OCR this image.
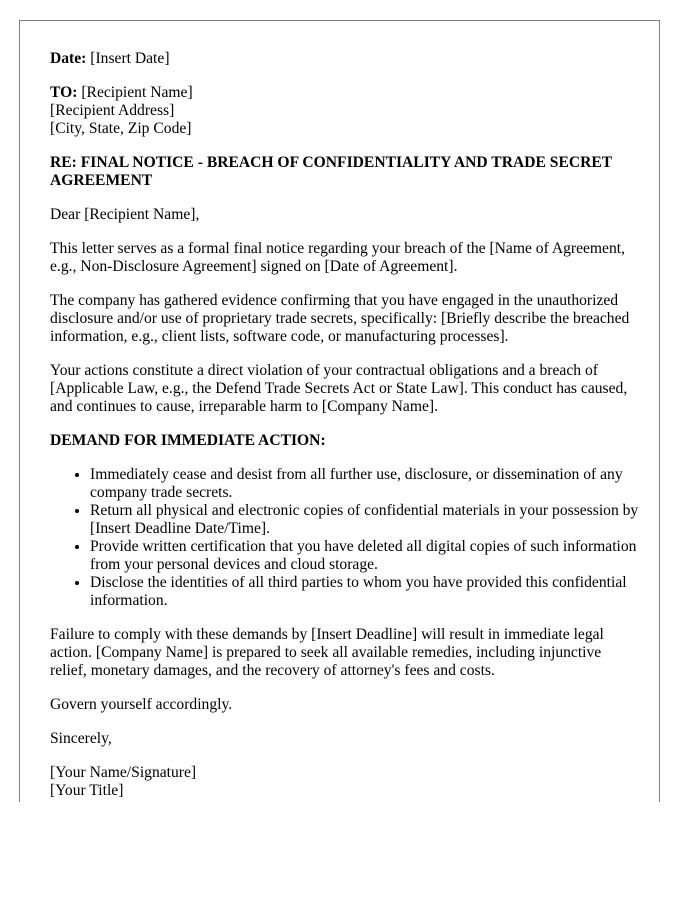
Date: [Insert Date]

TO: [Recipient Name]
[Recipient Address]
[City, State, Zip Code]

RE: FINAL NOTICE - BREACH OF CONFIDENTIALITY AND TRADE SECRET AGREEMENT

Dear [Recipient Name],

This letter serves as a formal final notice regarding your breach of the [Name of Agreement, e.g., Non-Disclosure Agreement] signed on [Date of Agreement].

The company has gathered evidence confirming that you have engaged in the unauthorized disclosure and/or use of proprietary trade secrets, specifically: [Briefly describe the breached information, e.g., client lists, software code, or manufacturing processes].

Your actions constitute a direct violation of your contractual obligations and a breach of [Applicable Law, e.g., the Defend Trade Secrets Act or State Law]. This conduct has caused, and continues to cause, irreparable harm to [Company Name].

DEMAND FOR IMMEDIATE ACTION:

• Immediately cease and desist from all further use, disclosure, or dissemination of any company trade secrets.
• Return all physical and electronic copies of confidential materials in your possession by [Insert Deadline Date/Time].
• Provide written certification that you have deleted all digital copies of such information from your personal devices and cloud storage.
• Disclose the identities of all third parties to whom you have provided this confidential information.

Failure to comply with these demands by [Insert Deadline] will result in immediate legal action. [Company Name] is prepared to seek all available remedies, including injunctive relief, monetary damages, and the recovery of attorney's fees and costs.

Govern yourself accordingly.

Sincerely,

[Your Name/Signature]
[Your Title]
